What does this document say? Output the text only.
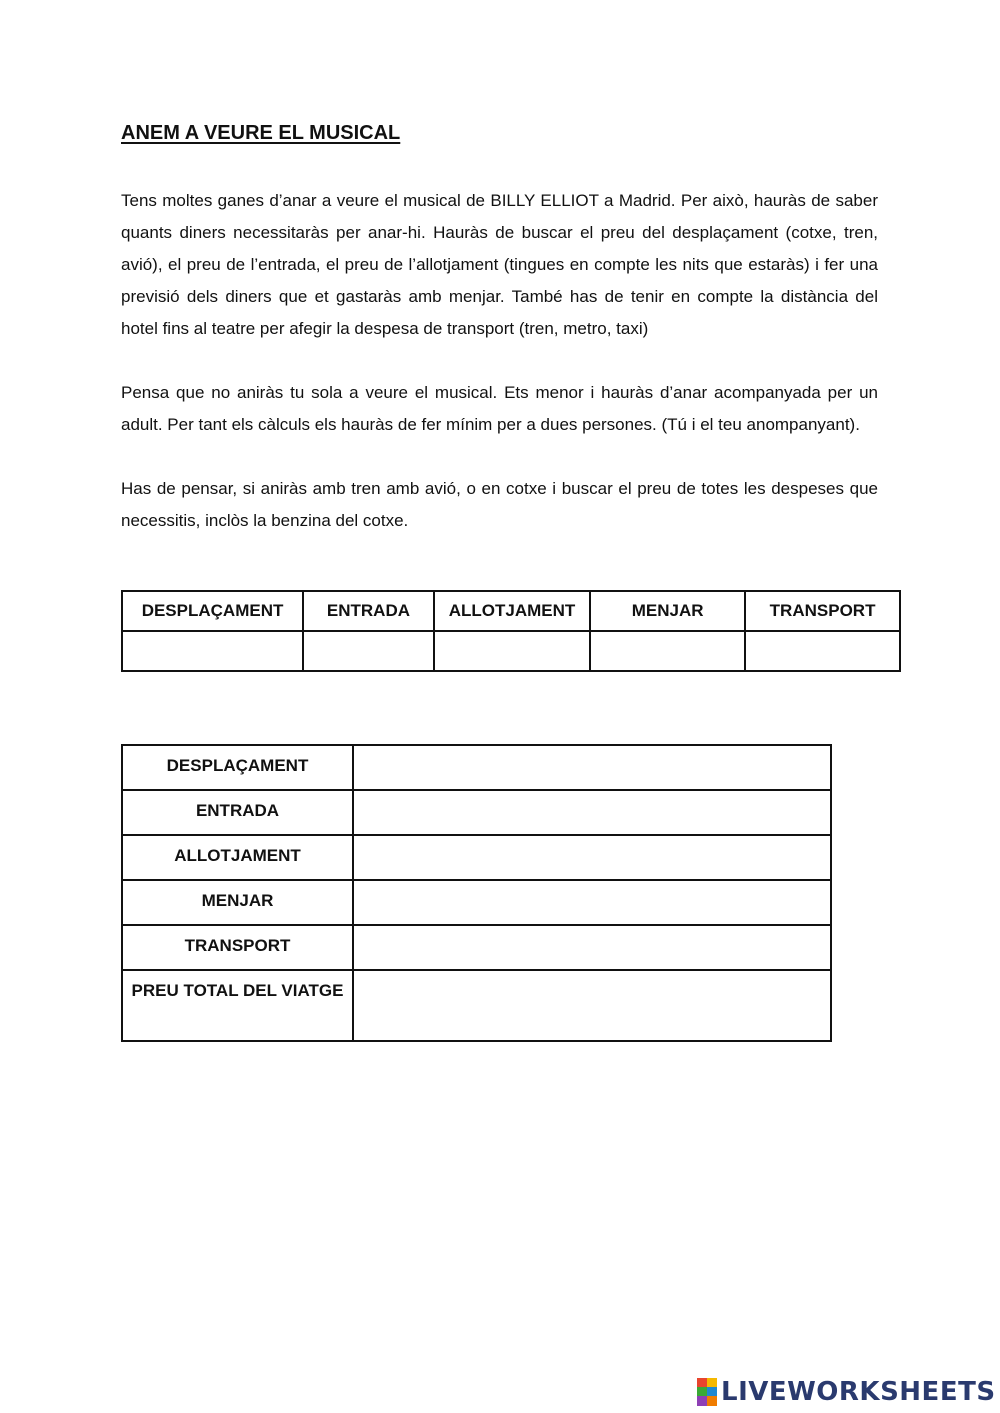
ANEM A VEURE EL MUSICAL

Tens moltes ganes d’anar a veure el musical de BILLY ELLIOT a Madrid. Per això, hauràs de saber quants diners necessitaràs per anar-hi. Hauràs de buscar el preu del desplaçament (cotxe, tren, avió), el preu de l’entrada, el preu de l’allotjament (tingues en compte les nits que estaràs) i fer una previsió dels diners que et gastaràs amb menjar. També has de tenir en compte la distància del hotel fins al teatre per afegir la despesa de transport (tren, metro, taxi)

Pensa que no aniràs tu sola a veure el musical. Ets menor i hauràs d’anar acompanyada per un adult. Per tant els càlculs els hauràs de fer mínim per a dues persones. (Tú i el teu anompanyant).

Has de pensar, si aniràs amb tren amb avió, o en cotxe i buscar el preu de totes les despeses que necessitis, inclòs la benzina del cotxe.

DESPLAÇAMENT	ENTRADA	ALLOTJAMENT	MENJAR	TRANSPORT

DESPLAÇAMENT	
ENTRADA	
ALLOTJAMENT	
MENJAR	
TRANSPORT	
PREU TOTAL DEL VIATGE	
LIVEWORKSHEETS
